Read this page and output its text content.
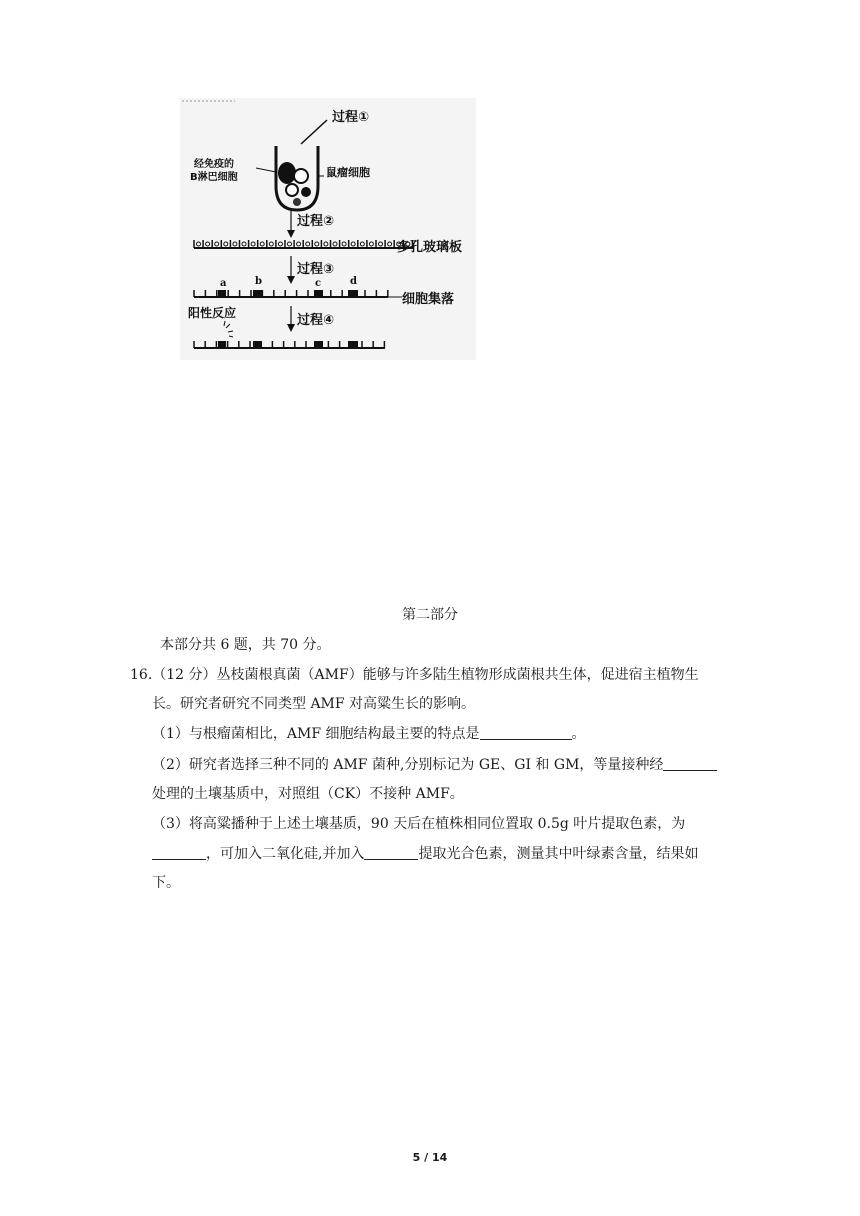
过程①
经免疫的
B淋巴细胞	鼠瘤细胞
过程②
多孔玻璃板
过程③
a	b	c	d
细胞集落
阳性反应	过程④
第二部分
本部分共 6 题，共 70 分。
16.（12 分）丛枝菌根真菌（AMF）能够与许多陆生植物形成菌根共生体，促进宿主植物生
长。研究者研究不同类型 AMF 对高粱生长的影响。
（1）与根瘤菌相比，AMF 细胞结构最主要的特点是	。
（2）研究者选择三种不同的 AMF 菌种,分别标记为 GE、GI 和 GM，等量接种经
处理的土壤基质中，对照组（CK）不接种 AMF。
（3）将高粱播种于上述土壤基质，90 天后在植株相同位置取 0.5g 叶片提取色素，为
，可加入二氧化硅,并加入	提取光合色素，测量其中叶绿素含量，结果如
下。
5 / 14
